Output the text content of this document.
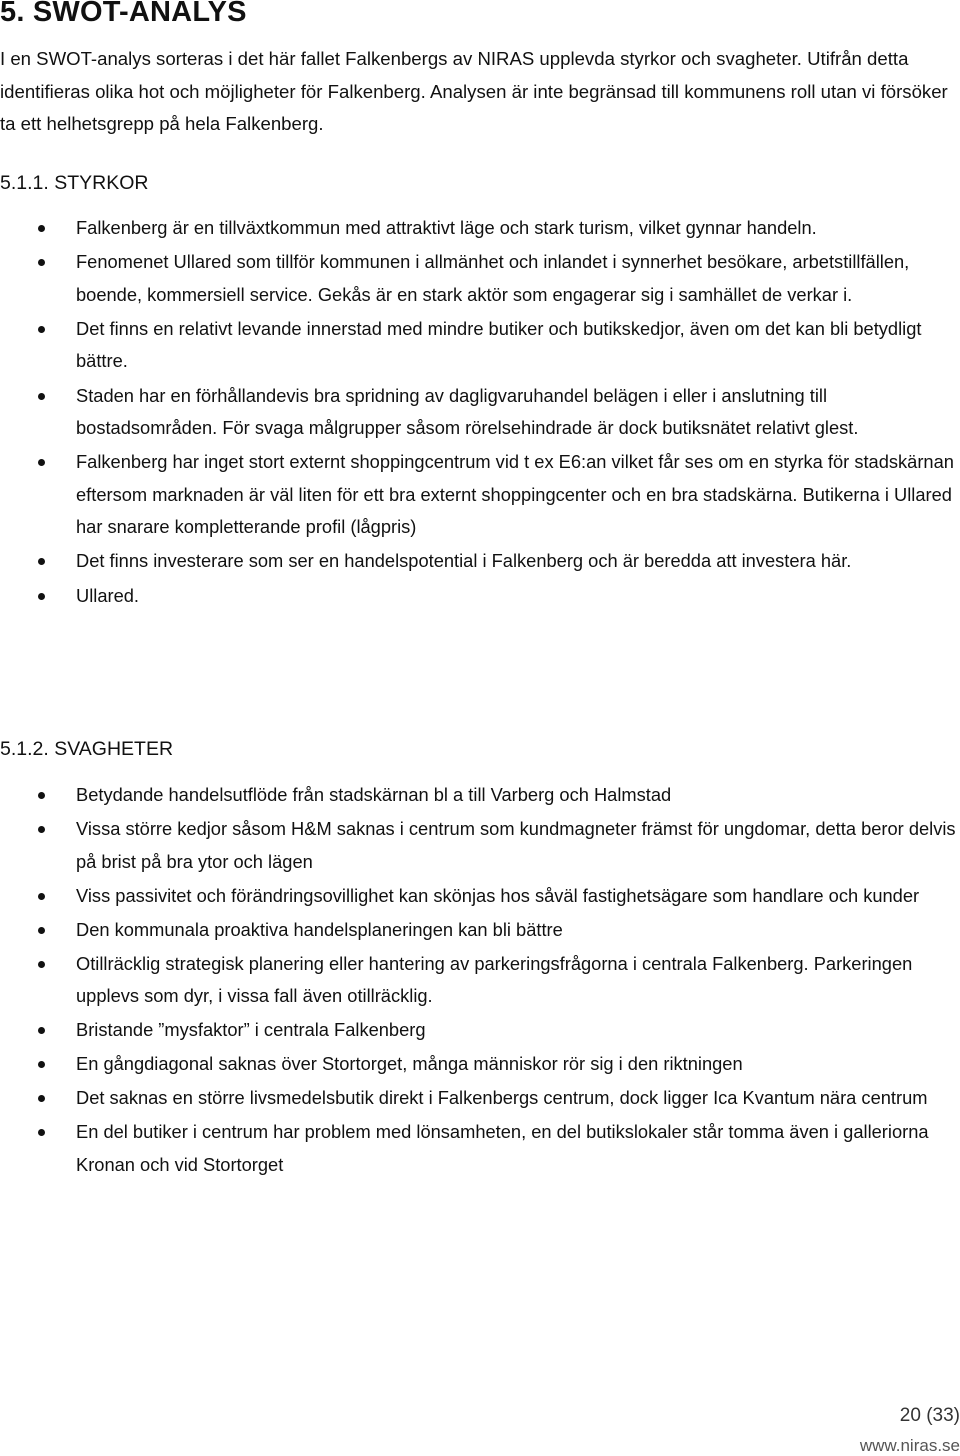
5. SWOT-ANALYS

I en SWOT-analys sorteras i det här fallet Falkenbergs av NIRAS upplevda styrkor och svagheter. Utifrån detta identifieras olika hot och möjligheter för Falkenberg. Analysen är inte begränsad till kommunens roll utan vi försöker ta ett helhetsgrepp på hela Falkenberg.

5.1.1. STYRKOR
Falkenberg är en tillväxtkommun med attraktivt läge och stark turism, vilket gynnar handeln.
Fenomenet Ullared som tillför kommunen i allmänhet och inlandet i synnerhet besökare, arbetstillfällen, boende, kommersiell service. Gekås är en stark aktör som engagerar sig i samhället de verkar i.
Det finns en relativt levande innerstad med mindre butiker och butikskedjor, även om det kan bli betydligt bättre.
Staden har en förhållandevis bra spridning av dagligvaruhandel belägen i eller i anslutning till bostadsområden. För svaga målgrupper såsom rörelsehindrade är dock butiksnätet relativt glest.
Falkenberg har inget stort externt shoppingcentrum vid t ex E6:an vilket får ses om en styrka för stadskärnan eftersom marknaden är väl liten för ett bra externt shoppingcenter och en bra stadskärna. Butikerna i Ullared har snarare kompletterande profil (lågpris)
Det finns investerare som ser en handelspotential i Falkenberg och är beredda att investera här.
Ullared.
5.1.2. SVAGHETER
Betydande handelsutflöde från stadskärnan bl a till Varberg och Halmstad
Vissa större kedjor såsom H&M saknas i centrum som kundmagneter främst för ungdomar, detta beror delvis på brist på bra ytor och lägen
Viss passivitet och förändringsovillighet kan skönjas hos såväl fastighetsägare som handlare och kunder
Den kommunala proaktiva handelsplaneringen kan bli bättre
Otillräcklig strategisk planering eller hantering av parkeringsfrågorna i centrala Falkenberg. Parkeringen upplevs som dyr, i vissa fall även otillräcklig.
Bristande ”mysfaktor” i centrala Falkenberg
En gångdiagonal saknas över Stortorget, många människor rör sig i den riktningen
Det saknas en större livsmedelsbutik direkt i Falkenbergs centrum, dock ligger Ica Kvantum nära centrum
En del butiker i centrum har problem med lönsamheten, en del butikslokaler står tomma även i galleriorna Kronan och vid Stortorget
20 (33)
www.niras.se
